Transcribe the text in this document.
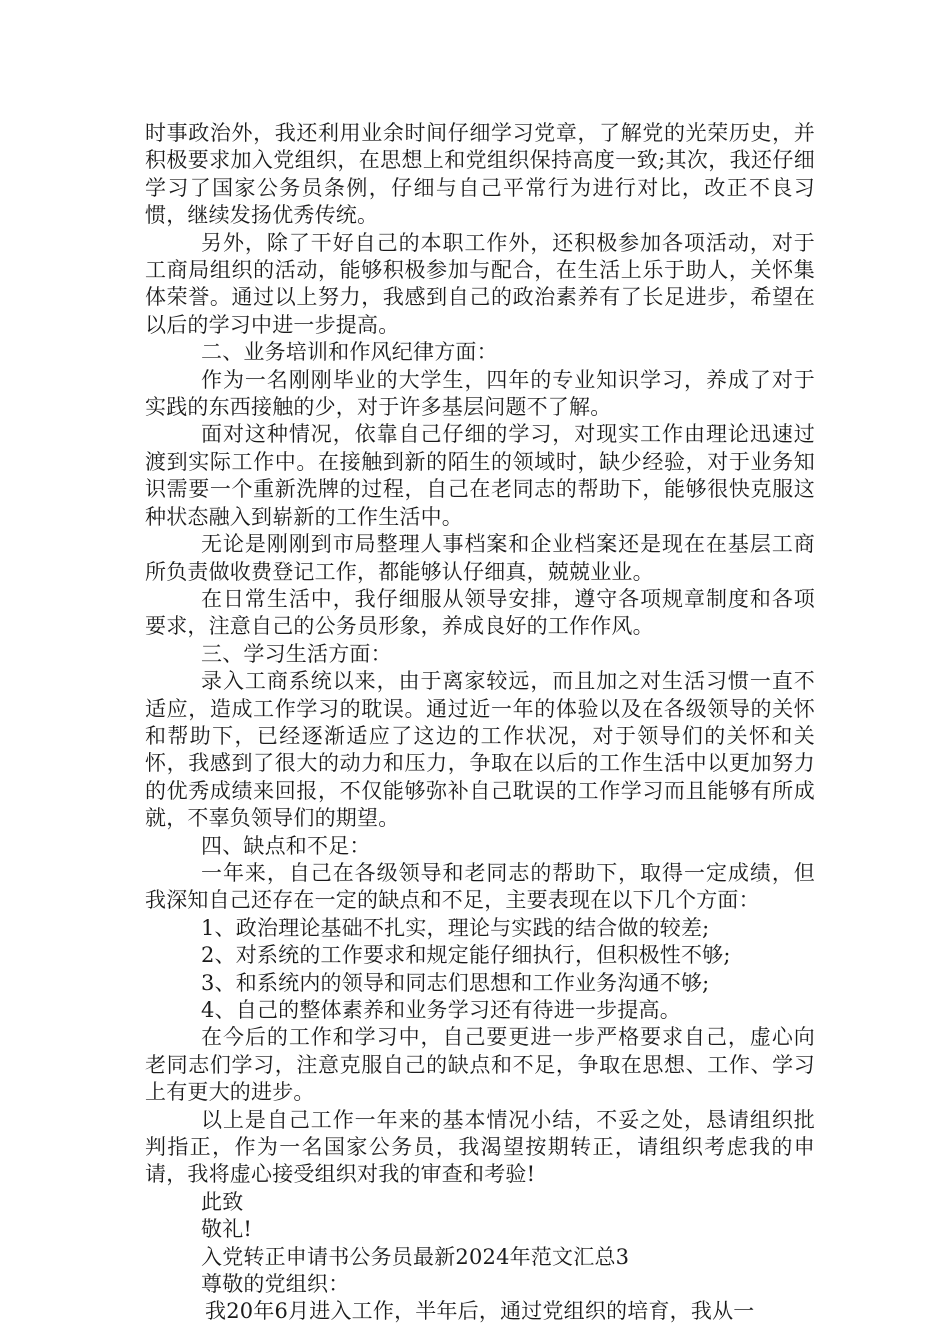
时事政治外，我还利用业余时间仔细学习党章，了解党的光荣历史，并积极要求加入党组织，在思想上和党组织保持高度一致;其次，我还仔细学习了国家公务员条例，仔细与自己平常行为进行对比，改正不良习惯，继续发扬优秀传统。

另外，除了干好自己的本职工作外，还积极参加各项活动，对于工商局组织的活动，能够积极参加与配合，在生活上乐于助人，关怀集体荣誉。通过以上努力，我感到自己的政治素养有了长足进步，希望在以后的学习中进一步提高。

二、业务培训和作风纪律方面：

作为一名刚刚毕业的大学生，四年的专业知识学习，养成了对于实践的东西接触的少，对于许多基层问题不了解。

面对这种情况，依靠自己仔细的学习，对现实工作由理论迅速过渡到实际工作中。在接触到新的陌生的领域时，缺少经验，对于业务知识需要一个重新洗牌的过程，自己在老同志的帮助下，能够很快克服这种状态融入到崭新的工作生活中。

无论是刚刚到市局整理人事档案和企业档案还是现在在基层工商所负责做收费登记工作，都能够认仔细真，兢兢业业。

在日常生活中，我仔细服从领导安排，遵守各项规章制度和各项要求，注意自己的公务员形象，养成良好的工作作风。

三、学习生活方面：

录入工商系统以来，由于离家较远，而且加之对生活习惯一直不适应，造成工作学习的耽误。通过近一年的体验以及在各级领导的关怀和帮助下，已经逐渐适应了这边的工作状况，对于领导们的关怀和关怀，我感到了很大的动力和压力，争取在以后的工作生活中以更加努力的优秀成绩来回报，不仅能够弥补自己耽误的工作学习而且能够有所成就，不辜负领导们的期望。

四、缺点和不足：

一年来，自己在各级领导和老同志的帮助下，取得一定成绩，但我深知自己还存在一定的缺点和不足，主要表现在以下几个方面：

1、政治理论基础不扎实，理论与实践的结合做的较差;

2、对系统的工作要求和规定能仔细执行，但积极性不够;

3、和系统内的领导和同志们思想和工作业务沟通不够;

4、自己的整体素养和业务学习还有待进一步提高。

在今后的工作和学习中，自己要更进一步严格要求自己，虚心向老同志们学习，注意克服自己的缺点和不足，争取在思想、工作、学习上有更大的进步。

以上是自己工作一年来的基本情况小结，不妥之处，恳请组织批判指正，作为一名国家公务员，我渴望按期转正，请组织考虑我的申请，我将虚心接受组织对我的审查和考验!

此致

敬礼!

入党转正申请书公务员最新2024年范文汇总3

尊敬的党组织：

我20年6月进入工作，半年后，通过党组织的培育，我从一
